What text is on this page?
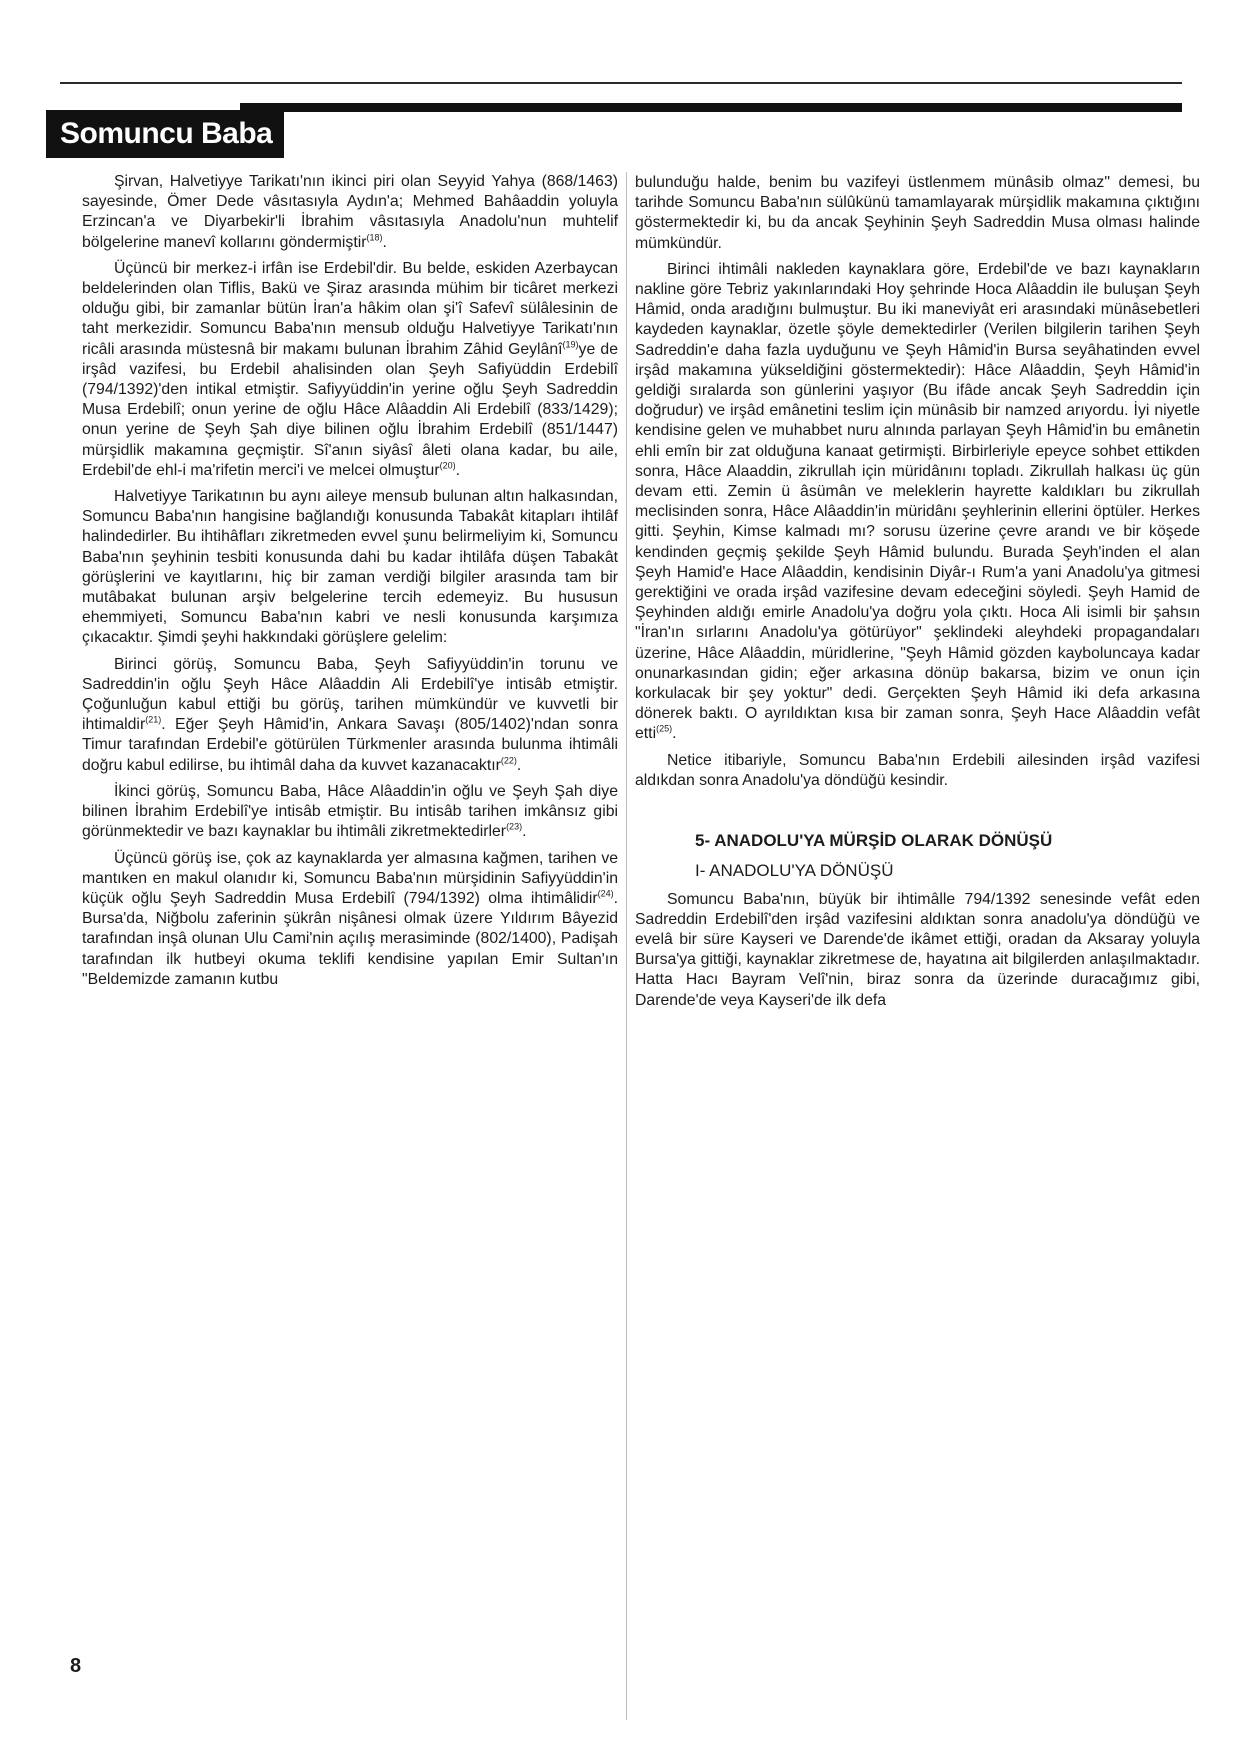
Somuncu Baba

Şirvan, Halvetiyye Tarikatı'nın ikinci piri olan Seyyid Yahya (868/1463) sayesinde, Ömer Dede vâsıtasıyla Aydın'a; Mehmed Bahâaddin yoluyla Erzincan'a ve Diyarbekir'li İbrahim vâsıtasıyla Anadolu'nun muhtelif bölgelerine manevî kollarını göndermiştir$^{(18)}$.

Üçüncü bir merkez-i irfân ise Erdebil'dir. Bu belde, eskiden Azerbaycan beldelerinden olan Tiflis, Bakü ve Şiraz arasında mühim bir ticâret merkezi olduğu gibi, bir zamanlar bütün İran'a hâkim olan şi'î Safevî sülâlesinin de taht merkezidir. Somuncu Baba'nın mensub olduğu Halvetiyye Tarikatı'nın ricâli arasında müstesnâ bir makamı bulunan İbrahim Zâhid Geylânî$^{(19)}$ye de irşâd vazifesi, bu Erdebil ahalisinden olan Şeyh Safiyüddin Erdebilî (794/1392)'den intikal etmiştir. Safiyyüddin'in yerine oğlu Şeyh Sadreddin Musa Erdebilî; onun yerine de oğlu Hâce Alâaddin Ali Erdebilî (833/1429); onun yerine de Şeyh Şah diye bilinen oğlu İbrahim Erdebilî (851/1447) mürşidlik makamına geçmiştir. Sî'anın siyâsî âleti olana kadar, bu aile, Erdebil'de ehl-i ma'rifetin merci'i ve melcei olmuştur$^{(20)}$.

Halvetiyye Tarikatının bu aynı aileye mensub bulunan altın halkasından, Somuncu Baba'nın hangisine bağlandığı konusunda Tabakât kitapları ihtilâf halindedirler. Bu ihtihâfları zikretmeden evvel şunu belirmeliyim ki, Somuncu Baba'nın şeyhinin tesbiti konusunda dahi bu kadar ihtilâfa düşen Tabakât görüşlerini ve kayıtlarını, hiç bir zaman verdiği bilgiler arasında tam bir mutâbakat bulunan arşiv belgelerine tercih edemeyiz. Bu hususun ehemmiyeti, Somuncu Baba'nın kabri ve nesli konusunda karşımıza çıkacaktır. Şimdi şeyhi hakkındaki görüşlere gelelim:

Birinci görüş, Somuncu Baba, Şeyh Safiyyüddin'in torunu ve Sadreddin'in oğlu Şeyh Hâce Alâaddin Ali Erdebilî'ye intisâb etmiştir. Çoğunluğun kabul ettiği bu görüş, tarihen mümkündür ve kuvvetli bir ihtimaldir$^{(21)}$. Eğer Şeyh Hâmid'in, Ankara Savaşı (805/1402)'ndan sonra Timur tarafından Erdebil'e götürülen Türkmenler arasında bulunma ihtimâli doğru kabul edilirse, bu ihtimâl daha da kuvvet kazanacaktır$^{(22)}$.

İkinci görüş, Somuncu Baba, Hâce Alâaddin'in oğlu ve Şeyh Şah diye bilinen İbrahim Erdebilî'ye intisâb etmiştir. Bu intisâb tarihen imkânsız gibi görünmektedir ve bazı kaynaklar bu ihtimâli zikretmektedirler$^{(23)}$.

Üçüncü görüş ise, çok az kaynaklarda yer almasına kağmen, tarihen ve mantıken en makul olanıdır ki, Somuncu Baba'nın mürşidinin Safiyyüddin'in küçük oğlu Şeyh Sadreddin Musa Erdebilî (794/1392) olma ihtimâlidir$^{(24)}$. Bursa'da, Niğbolu zaferinin şükrân nişânesi olmak üzere Yıldırım Bâyezid tarafından inşâ olunan Ulu Cami'nin açılış merasiminde (802/1400), Padişah tarafından ilk hutbeyi okuma teklifi kendisine yapılan Emir Sultan'ın "Beldemizde zamanın kutbu

bulunduğu halde, benim bu vazifeyi üstlenmem münâsib olmaz" demesi, bu tarihde Somuncu Baba'nın sülûkünü tamamlayarak mürşidlik makamına çıktığını göstermektedir ki, bu da ancak Şeyhinin Şeyh Sadreddin Musa olması halinde mümkündür.

Birinci ihtimâli nakleden kaynaklara göre, Erdebil'de ve bazı kaynakların nakline göre Tebriz yakınlarındaki Hoy şehrinde Hoca Alâaddin ile buluşan Şeyh Hâmid, onda aradığını bulmuştur. Bu iki maneviyât eri arasındaki münâsebetleri kaydeden kaynaklar, özetle şöyle demektedirler (Verilen bilgilerin tarihen Şeyh Sadreddin'e daha fazla uyduğunu ve Şeyh Hâmid'in Bursa seyâhatinden evvel irşâd makamına yükseldiğini göstermektedir): Hâce Alâaddin, Şeyh Hâmid'in geldiği sıralarda son günlerini yaşıyor (Bu ifâde ancak Şeyh Sadreddin için doğrudur) ve irşâd emânetini teslim için münâsib bir namzed arıyordu. İyi niyetle kendisine gelen ve muhabbet nuru alnında parlayan Şeyh Hâmid'in bu emânetin ehli emîn bir zat olduğuna kanaat getirmişti. Birbirleriyle epeyce sohbet ettikden sonra, Hâce Alaaddin, zikrullah için müridânını topladı. Zikrullah halkası üç gün devam etti. Zemin ü âsümân ve meleklerin hayrette kaldıkları bu zikrullah meclisinden sonra, Hâce Alâaddin'in müridânı şeyhlerinin ellerini öptüler. Herkes gitti. Şeyhin, Kimse kalmadı mı? sorusu üzerine çevre arandı ve bir köşede kendinden geçmiş şekilde Şeyh Hâmid bulundu. Burada Şeyh'inden el alan Şeyh Hamid'e Hace Alâaddin, kendisinin Diyâr-ı Rum'a yani Anadolu'ya gitmesi gerektiğini ve orada irşâd vazifesine devam edeceğini söyledi. Şeyh Hamid de Şeyhinden aldığı emirle Anadolu'ya doğru yola çıktı. Hoca Ali isimli bir şahsın "İran'ın sırlarını Anadolu'ya götürüyor" şeklindeki aleyhdeki propagandaları üzerine, Hâce Alâaddin, müridlerine, "Şeyh Hâmid gözden kayboluncaya kadar onunarkasından gidin; eğer arkasına dönüp bakarsa, bizim ve onun için korkulacak bir şey yoktur" dedi. Gerçekten Şeyh Hâmid iki defa arkasına dönerek baktı. O ayrıldıktan kısa bir zaman sonra, Şeyh Hace Alâaddin vefât etti$^{(25)}$.

Netice itibariyle, Somuncu Baba'nın Erdebili ailesinden irşâd vazifesi aldıkdan sonra Anadolu'ya döndüğü kesindir.

5- ANADOLU'YA MÜRŞİD OLARAK DÖNÜŞÜ
I- ANADOLU'YA DÖNÜŞÜ

Somuncu Baba'nın, büyük bir ihtimâlle 794/1392 senesinde vefât eden Sadreddin Erdebilî'den irşâd vazifesini aldıktan sonra anadolu'ya döndüğü ve evelâ bir süre Kayseri ve Darende'de ikâmet ettiği, oradan da Aksaray yoluyla Bursa'ya gittiği, kaynaklar zikretmese de, hayatına ait bilgilerden anlaşılmaktadır. Hatta Hacı Bayram Velî'nin, biraz sonra da üzerinde duracağımız gibi, Darende'de veya Kayseri'de ilk defa

8
